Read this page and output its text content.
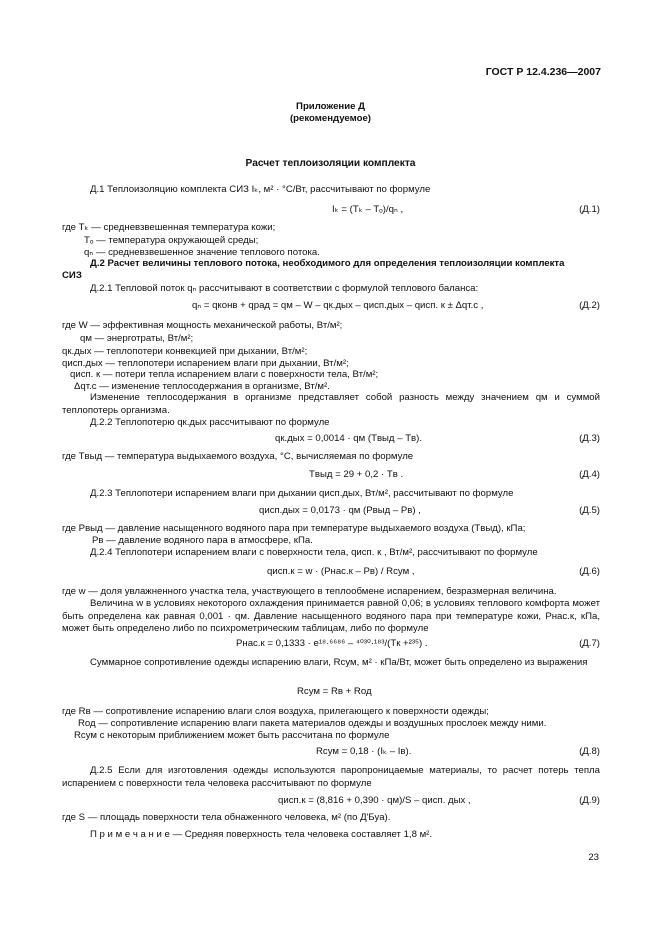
ГОСТ Р 12.4.236—2007
Приложение Д
(рекомендуемое)
Расчет теплоизоляции комплекта
Д.1 Теплоизоляцию комплекта СИЗ Iₖ, м² · °C/Вт, рассчитывают по формуле
Iₖ = (Tₖ – Tₒ)/qₙ ,	(Д.1)
где Tₖ — средневзвешенная температура кожи;
Tₒ — температура окружающей среды;
qₙ — средневзвешенное значение теплового потока.
Д.2 Расчет величины теплового потока, необходимого для определения теплоизоляции комплекта
СИЗ
Д.2.1 Тепловой поток qₙ рассчитывают в соответствии с формулой теплового баланса:
qₙ = qконв + qрад = qм – W – qк.дых – qисп.дых – qисп. к ± Δqт.с ,	(Д.2)
где W — эффективная мощность механической работы, Вт/м²;
qм — энерготраты, Вт/м²;
qк.дых — теплопотери конвекцией при дыхании, Вт/м²;
qисп.дых — теплопотери испарением влаги при дыхании, Вт/м²;
qисп. к — потери тепла испарением влаги с поверхности тела, Вт/м²;
Δqт.с — изменение теплосодержания в организме, Вт/м².
Изменение теплосодержания в организме представляет собой разность между значением qм и суммой теплопотерь организма.
Д.2.2 Теплопотерю qк.дых рассчитывают по формуле
qк.дых = 0,0014 · qм (Tвыд – Tв).	(Д.3)
где Tвыд — температура выдыхаемого воздуха, °C, вычисляемая по формуле
Tвыд = 29 + 0,2 · Tв .	(Д.4)
Д.2.3 Теплопотери испарением влаги при дыхании qисп.дых, Вт/м², рассчитывают по формуле
qисп.дых = 0,0173 · qм (Pвыд – Pв) ,	(Д.5)
где Pвыд — давление насыщенного водяного пара при температуре выдыхаемого воздуха (Tвыд), кПа;
Pв — давление водяного пара в атмосфере, кПа.
Д.2.4 Теплопотери испарением влаги с поверхности тела, qисп. к , Вт/м², рассчитывают по формуле
qисп.к = w · (Pнас.к – Pв) / Rсум ,	(Д.6)
где w — доля увлажненного участка тела, участвующего в теплообмене испарением, безразмерная величина.
Величина w в условиях некоторого охлаждения принимается равной 0,06; в условиях теплового комфорта может быть определена как равная 0,001 · qм. Давление насыщенного водяного пара при температуре кожи, Pнас.к, кПа, может быть определено либо по психрометрическим таблицам, либо по формуле
Pнас.к = 0,1333 · e¹⁸·⁶⁶⁸⁶ – ⁴⁰³⁰·¹⁸³/(Tк +²³⁵) .	(Д.7)
Суммарное сопротивление одежды испарению влаги, Rсум, м² · кПа/Вт, может быть определено из выражения
Rсум = Rв + Rод
где Rв — сопротивление испарению влаги слоя воздуха, прилегающего к поверхности одежды;
Rод — сопротивление испарению влаги пакета материалов одежды и воздушных прослоек между ними.
Rсум с некоторым приближением может быть рассчитана по формуле
Rсум = 0,18 · (Iₖ – Iв).	(Д.8)
Д.2.5 Если для изготовления одежды используются паропроницаемые материалы, то расчет потерь тепла испарением с поверхности тела человека рассчитывают по формуле
qисп.к = (8,816 + 0,390 · qм)/S – qисп. дых ,	(Д.9)
где S — площадь поверхности тела обнаженного человека, м² (по Д'Буа).
П р и м е ч а н и е — Средняя поверхность тела человека составляет 1,8 м².
23
